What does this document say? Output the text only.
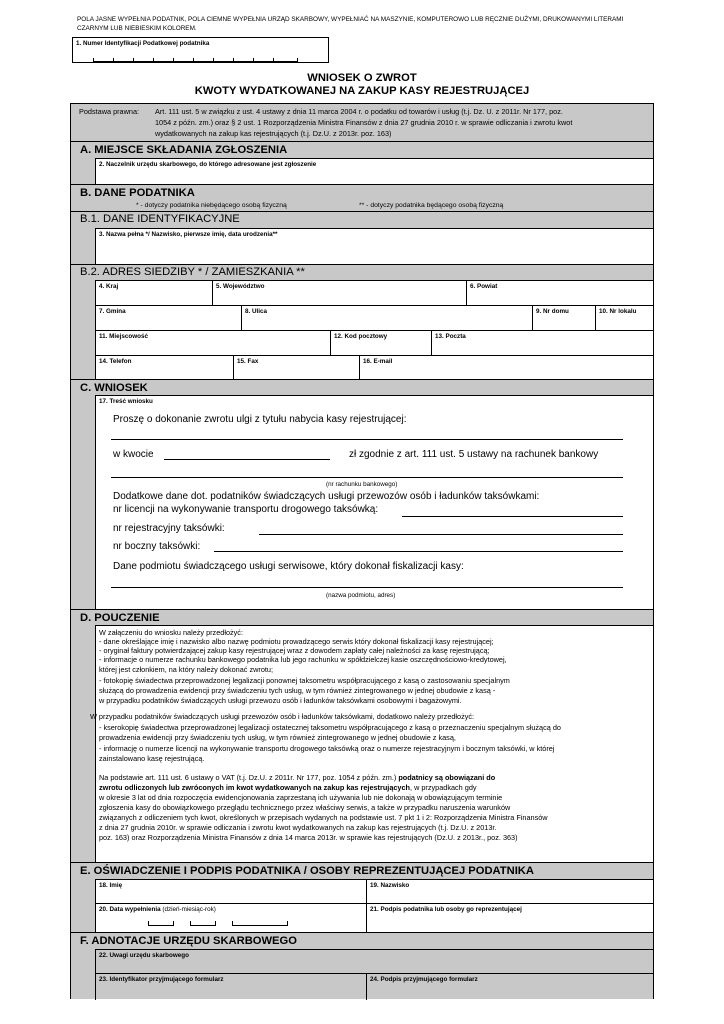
POLA JASNE WYPEŁNIA PODATNIK, POLA CIEMNE WYPEŁNIA URZĄD SKARBOWY, WYPEŁNIAĆ NA MASZYNIE, KOMPUTEROWO LUB RĘCZNIE DUŻYMI, DRUKOWANYMI LITERAMI CZARNYM LUB NIEBIESKIM KOLOREM.
1. Numer Identyfikacji Podatkowej podatnika
WNIOSEK O ZWROT
KWOTY WYDATKOWANEJ NA ZAKUP KASY REJESTRUJĄCEJ
Podstawa prawna: Art. 111 ust. 5 w związku z ust. 4 ustawy z dnia 11 marca 2004 r. o podatku od towarów i usług (t.j. Dz. U. z 2011r. Nr 177, poz.
1054 z późn. zm.) oraz § 2 ust. 1 Rozporządzenia Ministra Finansów z dnia 27 grudnia 2010 r. w sprawie odliczania i zwrotu kwot
wydatkowanych na zakup kas rejestrujących (t.j. Dz.U. z 2013r. poz. 163)
A. MIEJSCE SKŁADANIA ZGŁOSZENIA
2. Naczelnik urzędu skarbowego, do którego adresowane jest zgłoszenie
B. DANE PODATNIKA
* - dotyczy podatnika niebędącego osobą fizyczną	** - dotyczy podatnika będącego osobą fizyczną
B.1. DANE IDENTYFIKACYJNE
3. Nazwa pełna */ Nazwisko, pierwsze imię, data urodzenia**
B.2. ADRES SIEDZIBY * / ZAMIESZKANIA **
4. Kraj	5. Województwo	6. Powiat
7. Gmina	8. Ulica	9. Nr domu	10. Nr lokalu
11. Miejscowość	12. Kod pocztowy	13. Poczta
14. Telefon	15. Fax	16. E-mail
C. WNIOSEK
17. Treść wniosku
Proszę o dokonanie zwrotu ulgi z tytułu nabycia kasy rejestrującej:
w kwocie	zł zgodnie z art. 111 ust. 5 ustawy na rachunek bankowy
(nr rachunku bankowego)
Dodatkowe dane dot. podatników świadczących usługi przewozów osób i ładunków taksówkami:
nr licencji na wykonywanie transportu drogowego taksówką:
nr rejestracyjny taksówki:
nr boczny taksówki:
Dane podmiotu świadczącego usługi serwisowe, który dokonał fiskalizacji kasy:
(nazwa podmiotu, adres)
D. POUCZENIE
W załączeniu do wniosku należy przedłożyć:
- dane określające imię i nazwisko albo nazwę podmiotu prowadzącego serwis który dokonał fiskalizacji kasy rejestrującej;
- oryginał faktury potwierdzającej zakup kasy rejestrującej wraz z dowodem zapłaty całej należności za kasę rejestrującą;
- informacje o numerze rachunku bankowego podatnika lub jego rachunku w spółdzielczej kasie oszczędnościowo-kredytowej,
której jest członkiem, na który należy dokonać zwrotu;
- fotokopię świadectwa przeprowadzonej legalizacji ponownej taksometru współpracującego z kasą o zastosowaniu specjalnym
służącą do prowadzenia ewidencji przy świadczeniu tych usług, w tym również zintegrowanego w jednej obudowie z kasą -
w przypadku podatników świadczących usługi przewozu osób i ładunków taksówkami osobowymi i bagażowymi.
W przypadku podatników świadczących usługi przewozów osób i ładunków taksówkami, dodatkowo należy przedłożyć:
- kserokopię świadectwa przeprowadzonej legalizacji ostatecznej taksometru współpracującego z kasą o przeznaczeniu specjalnym służącą do
prowadzenia ewidencji przy świadczeniu tych usług, w tym również zintegrowanego w jednej obudowie z kasą,
- informację o numerze licencji na wykonywanie transportu drogowego taksówką oraz o numerze rejestracyjnym i bocznym taksówki, w której
zainstalowano kasę rejestrującą.
Na podstawie art. 111 ust. 6 ustawy o VAT (t.j. Dz.U. z 2011r. Nr 177, poz. 1054 z późn. zm.) podatnicy są obowiązani do
zwrotu odliczonych lub zwróconych im kwot wydatkowanych na zakup kas rejestrujących, w przypadkach gdy
w okresie 3 lat od dnia rozpoczęcia ewidencjonowania zaprzestaną ich używania lub nie dokonają w obowiązującym terminie
zgłoszenia kasy do obowiązkowego przeglądu technicznego przez właściwy serwis, a także w przypadku naruszenia warunków
związanych z odliczeniem tych kwot, określonych w przepisach wydanych na podstawie ust. 7 pkt 1 i 2: Rozporządzenia Ministra Finansów
z dnia 27 grudnia 2010r. w sprawie odliczania i zwrotu kwot wydatkowanych na zakup kas rejestrujących (t.j. Dz.U. z 2013r.
poz. 163) oraz Rozporządzenia Ministra Finansów z dnia 14 marca 2013r. w sprawie kas rejestrujących (Dz.U. z 2013r., poz. 363)
E. OŚWIADCZENIE I PODPIS PODATNIKA / OSOBY REPREZENTUJĄCEJ PODATNIKA
18. Imię	19. Nazwisko
20. Data wypełnienia (dzień-miesiąc-rok)	21. Podpis podatnika lub osoby go reprezentującej
F. ADNOTACJE URZĘDU SKARBOWEGO
22. Uwagi urzędu skarbowego
23. Identyfikator przyjmującego formularz	24. Podpis przyjmującego formularz
